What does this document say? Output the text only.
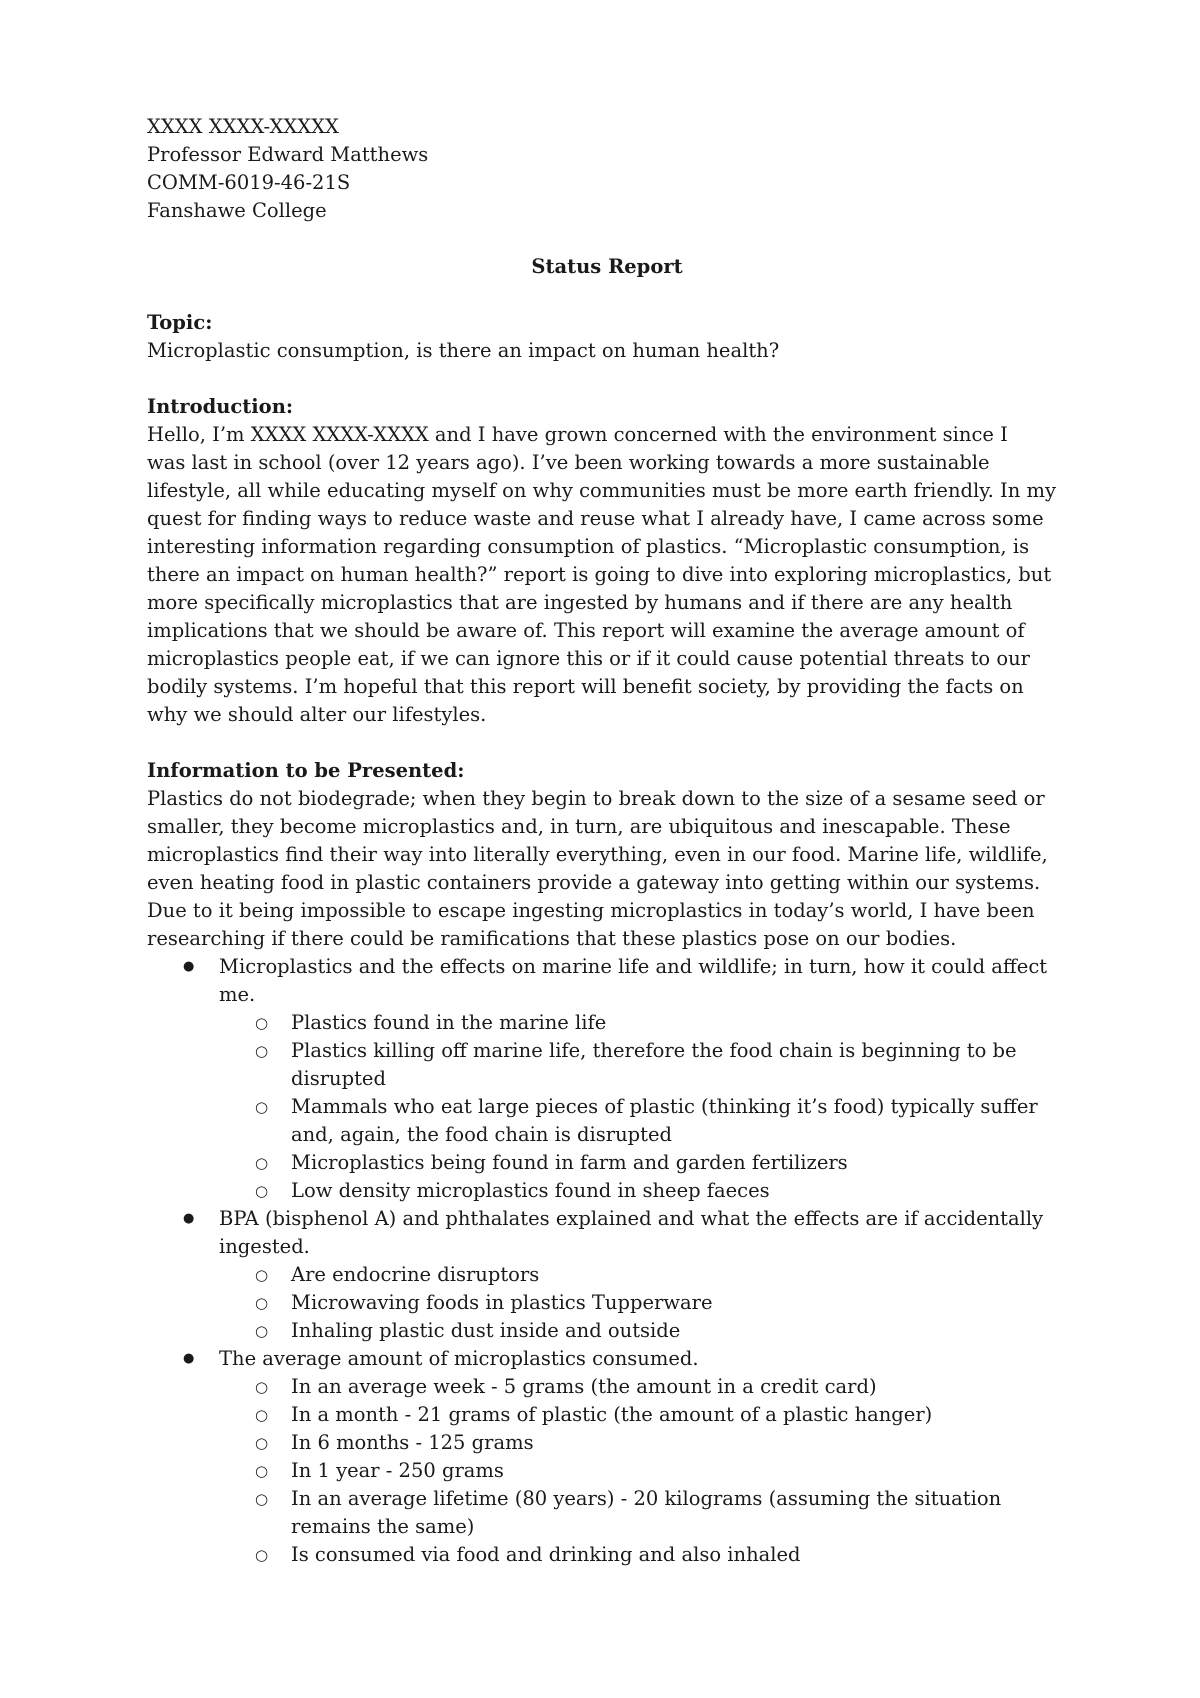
XXXX XXXX-XXXXX
Professor Edward Matthews
COMM-6019-46-21S
Fanshawe College

Status Report

Topic:

Microplastic consumption, is there an impact on human health?

Introduction:

Hello, I’m XXXX XXXX-XXXX and I have grown concerned with the environment since I
was last in school (over 12 years ago). I’ve been working towards a more sustainable
lifestyle, all while educating myself on why communities must be more earth friendly. In my
quest for finding ways to reduce waste and reuse what I already have, I came across some
interesting information regarding consumption of plastics. “Microplastic consumption, is
there an impact on human health?” report is going to dive into exploring microplastics, but
more specifically microplastics that are ingested by humans and if there are any health
implications that we should be aware of. This report will examine the average amount of
microplastics people eat, if we can ignore this or if it could cause potential threats to our
bodily systems. I’m hopeful that this report will benefit society, by providing the facts on
why we should alter our lifestyles.

Information to be Presented:

Plastics do not biodegrade; when they begin to break down to the size of a sesame seed or
smaller, they become microplastics and, in turn, are ubiquitous and inescapable. These
microplastics find their way into literally everything, even in our food. Marine life, wildlife,
even heating food in plastic containers provide a gateway into getting within our systems.
Due to it being impossible to escape ingesting microplastics in today’s world, I have been
researching if there could be ramifications that these plastics pose on our bodies.
● Microplastics and the effects on marine life and wildlife; in turn, how it could affect
me.
○ Plastics found in the marine life
○ Plastics killing off marine life, therefore the food chain is beginning to be
disrupted
○ Mammals who eat large pieces of plastic (thinking it’s food) typically suffer
and, again, the food chain is disrupted
○ Microplastics being found in farm and garden fertilizers
○ Low density microplastics found in sheep faeces
● BPA (bisphenol A) and phthalates explained and what the effects are if accidentally
ingested.
○ Are endocrine disruptors
○ Microwaving foods in plastics Tupperware
○ Inhaling plastic dust inside and outside
● The average amount of microplastics consumed.
○ In an average week - 5 grams (the amount in a credit card)
○ In a month - 21 grams of plastic (the amount of a plastic hanger)
○ In 6 months - 125 grams
○ In 1 year - 250 grams
○ In an average lifetime (80 years) - 20 kilograms (assuming the situation
remains the same)
○ Is consumed via food and drinking and also inhaled
